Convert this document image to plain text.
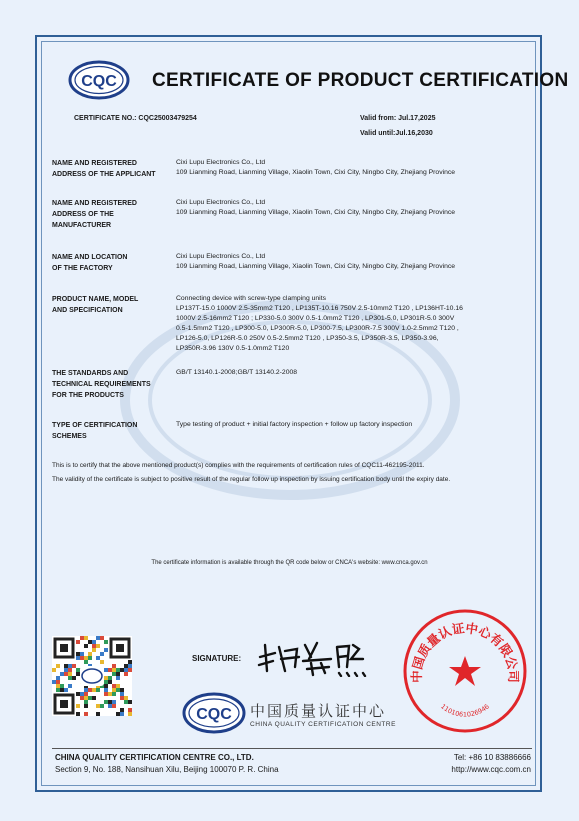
CQC CERTIFICATE OF PRODUCT CERTIFICATION
CERTIFICATE NO.: CQC25003479254	Valid from: Jul.17,2025
Valid until:Jul.16,2030
NAME AND REGISTERED
ADDRESS OF THE APPLICANT
Cixi Lupu Electronics Co., Ltd
109 Lianming Road, Lianming Village, Xiaolin Town, Cixi City, Ningbo City, Zhejiang Province
NAME AND REGISTERED
ADDRESS OF THE
MANUFACTURER
Cixi Lupu Electronics Co., Ltd
109 Lianming Road, Lianming Village, Xiaolin Town, Cixi City, Ningbo City, Zhejiang Province
NAME AND LOCATION
OF THE FACTORY
Cixi Lupu Electronics Co., Ltd
109 Lianming Road, Lianming Village, Xiaolin Town, Cixi City, Ningbo City, Zhejiang Province
PRODUCT NAME, MODEL
AND SPECIFICATION
Connecting device with screw-type clamping units
LP137T-15.0 1000V 2.5-35mm2 T120 , LP135T-10.16 750V 2.5-10mm2 T120 , LP136HT-10.16
1000V 2.5-16mm2 T120 ; LP330-5.0 300V 0.5-1.0mm2 T120 , LP301-5.0, LP301R-5.0 300V
0.5-1.5mm2 T120 , LP300-5.0, LP300R-5.0, LP300-7.5, LP300R-7.5 300V 1.0-2.5mm2 T120 ,
LP126-5.0, LP126R-5.0 250V 0.5-2.5mm2 T120 , LP350-3.5, LP350R-3.5, LP350-3.96,
LP350R-3.96 130V 0.5-1.0mm2 T120
THE STANDARDS AND
TECHNICAL REQUIREMENTS
FOR THE PRODUCTS
GB/T 13140.1-2008;GB/T 13140.2-2008
TYPE OF CERTIFICATION
SCHEMES
Type testing of product + initial factory inspection + follow up factory inspection
This is to certify that the above mentioned product(s) complies with the requirements of certification rules of CQC11-462195-2011.
The validity of the certificate is subject to positive result of the regular follow up inspection by issuing certification body until the expiry date.
The certificate information is available through the QR code below or CNCA's website: www.cnca.gov.cn
SIGNATURE:
CQC 中国质量认证中心
CHINA QUALITY CERTIFICATION CENTRE
中国质量认证中心有限公司
1101061026946
CHINA QUALITY CERTIFICATION CENTRE CO., LTD.
Section 9, No. 188, Nansihuan Xilu, Beijing 100070 P. R. China
Tel: +86 10 83886666
http://www.cqc.com.cn
